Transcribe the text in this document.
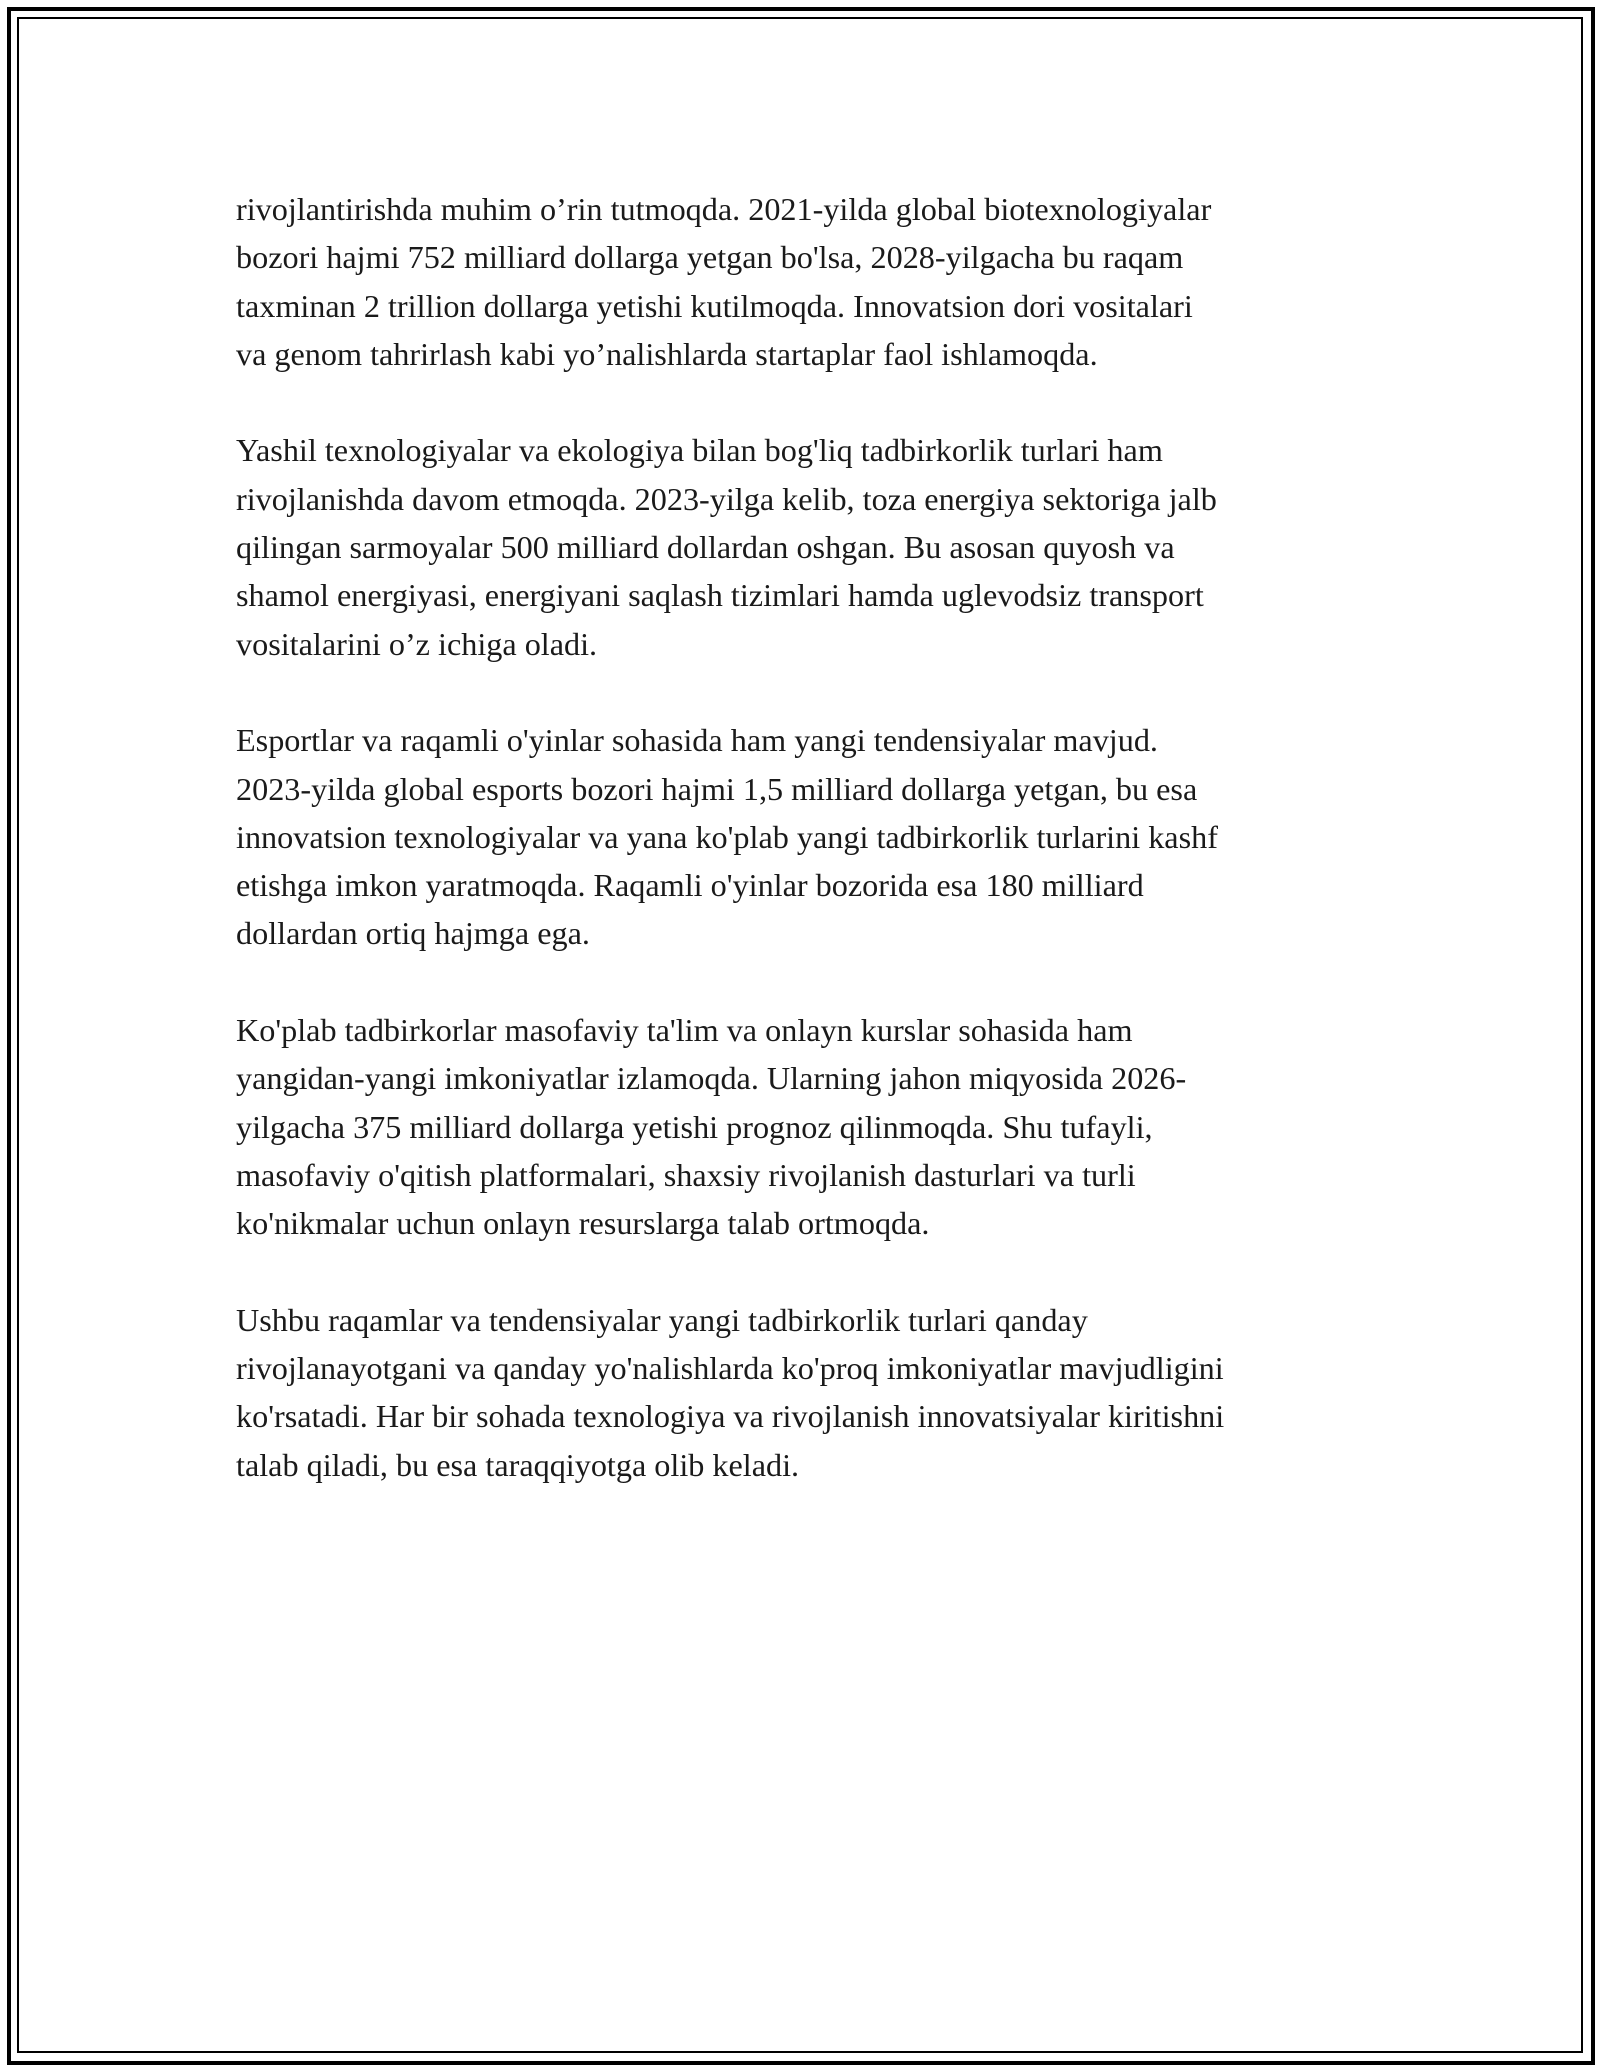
rivojlantirishda muhim o’rin tutmoqda. 2021-yilda global biotexnologiyalar
bozori hajmi 752 milliard dollarga yetgan bo'lsa, 2028-yilgacha bu raqam
taxminan 2 trillion dollarga yetishi kutilmoqda. Innovatsion dori vositalari
va genom tahrirlash kabi yo’nalishlarda startaplar faol ishlamoqda.

Yashil texnologiyalar va ekologiya bilan bog'liq tadbirkorlik turlari ham
rivojlanishda davom etmoqda. 2023-yilga kelib, toza energiya sektoriga jalb
qilingan sarmoyalar 500 milliard dollardan oshgan. Bu asosan quyosh va
shamol energiyasi, energiyani saqlash tizimlari hamda uglevodsiz transport
vositalarini o’z ichiga oladi.

Esportlar va raqamli o'yinlar sohasida ham yangi tendensiyalar mavjud.
2023-yilda global esports bozori hajmi 1,5 milliard dollarga yetgan, bu esa
innovatsion texnologiyalar va yana ko'plab yangi tadbirkorlik turlarini kashf
etishga imkon yaratmoqda. Raqamli o'yinlar bozorida esa 180 milliard
dollardan ortiq hajmga ega.

Ko'plab tadbirkorlar masofaviy ta'lim va onlayn kurslar sohasida ham
yangidan-yangi imkoniyatlar izlamoqda. Ularning jahon miqyosida 2026-
yilgacha 375 milliard dollarga yetishi prognoz qilinmoqda. Shu tufayli,
masofaviy o'qitish platformalari, shaxsiy rivojlanish dasturlari va turli
ko'nikmalar uchun onlayn resurslarga talab ortmoqda.

Ushbu raqamlar va tendensiyalar yangi tadbirkorlik turlari qanday
rivojlanayotgani va qanday yo'nalishlarda ko'proq imkoniyatlar mavjudligini
ko'rsatadi. Har bir sohada texnologiya va rivojlanish innovatsiyalar kiritishni
talab qiladi, bu esa taraqqiyotga olib keladi.
